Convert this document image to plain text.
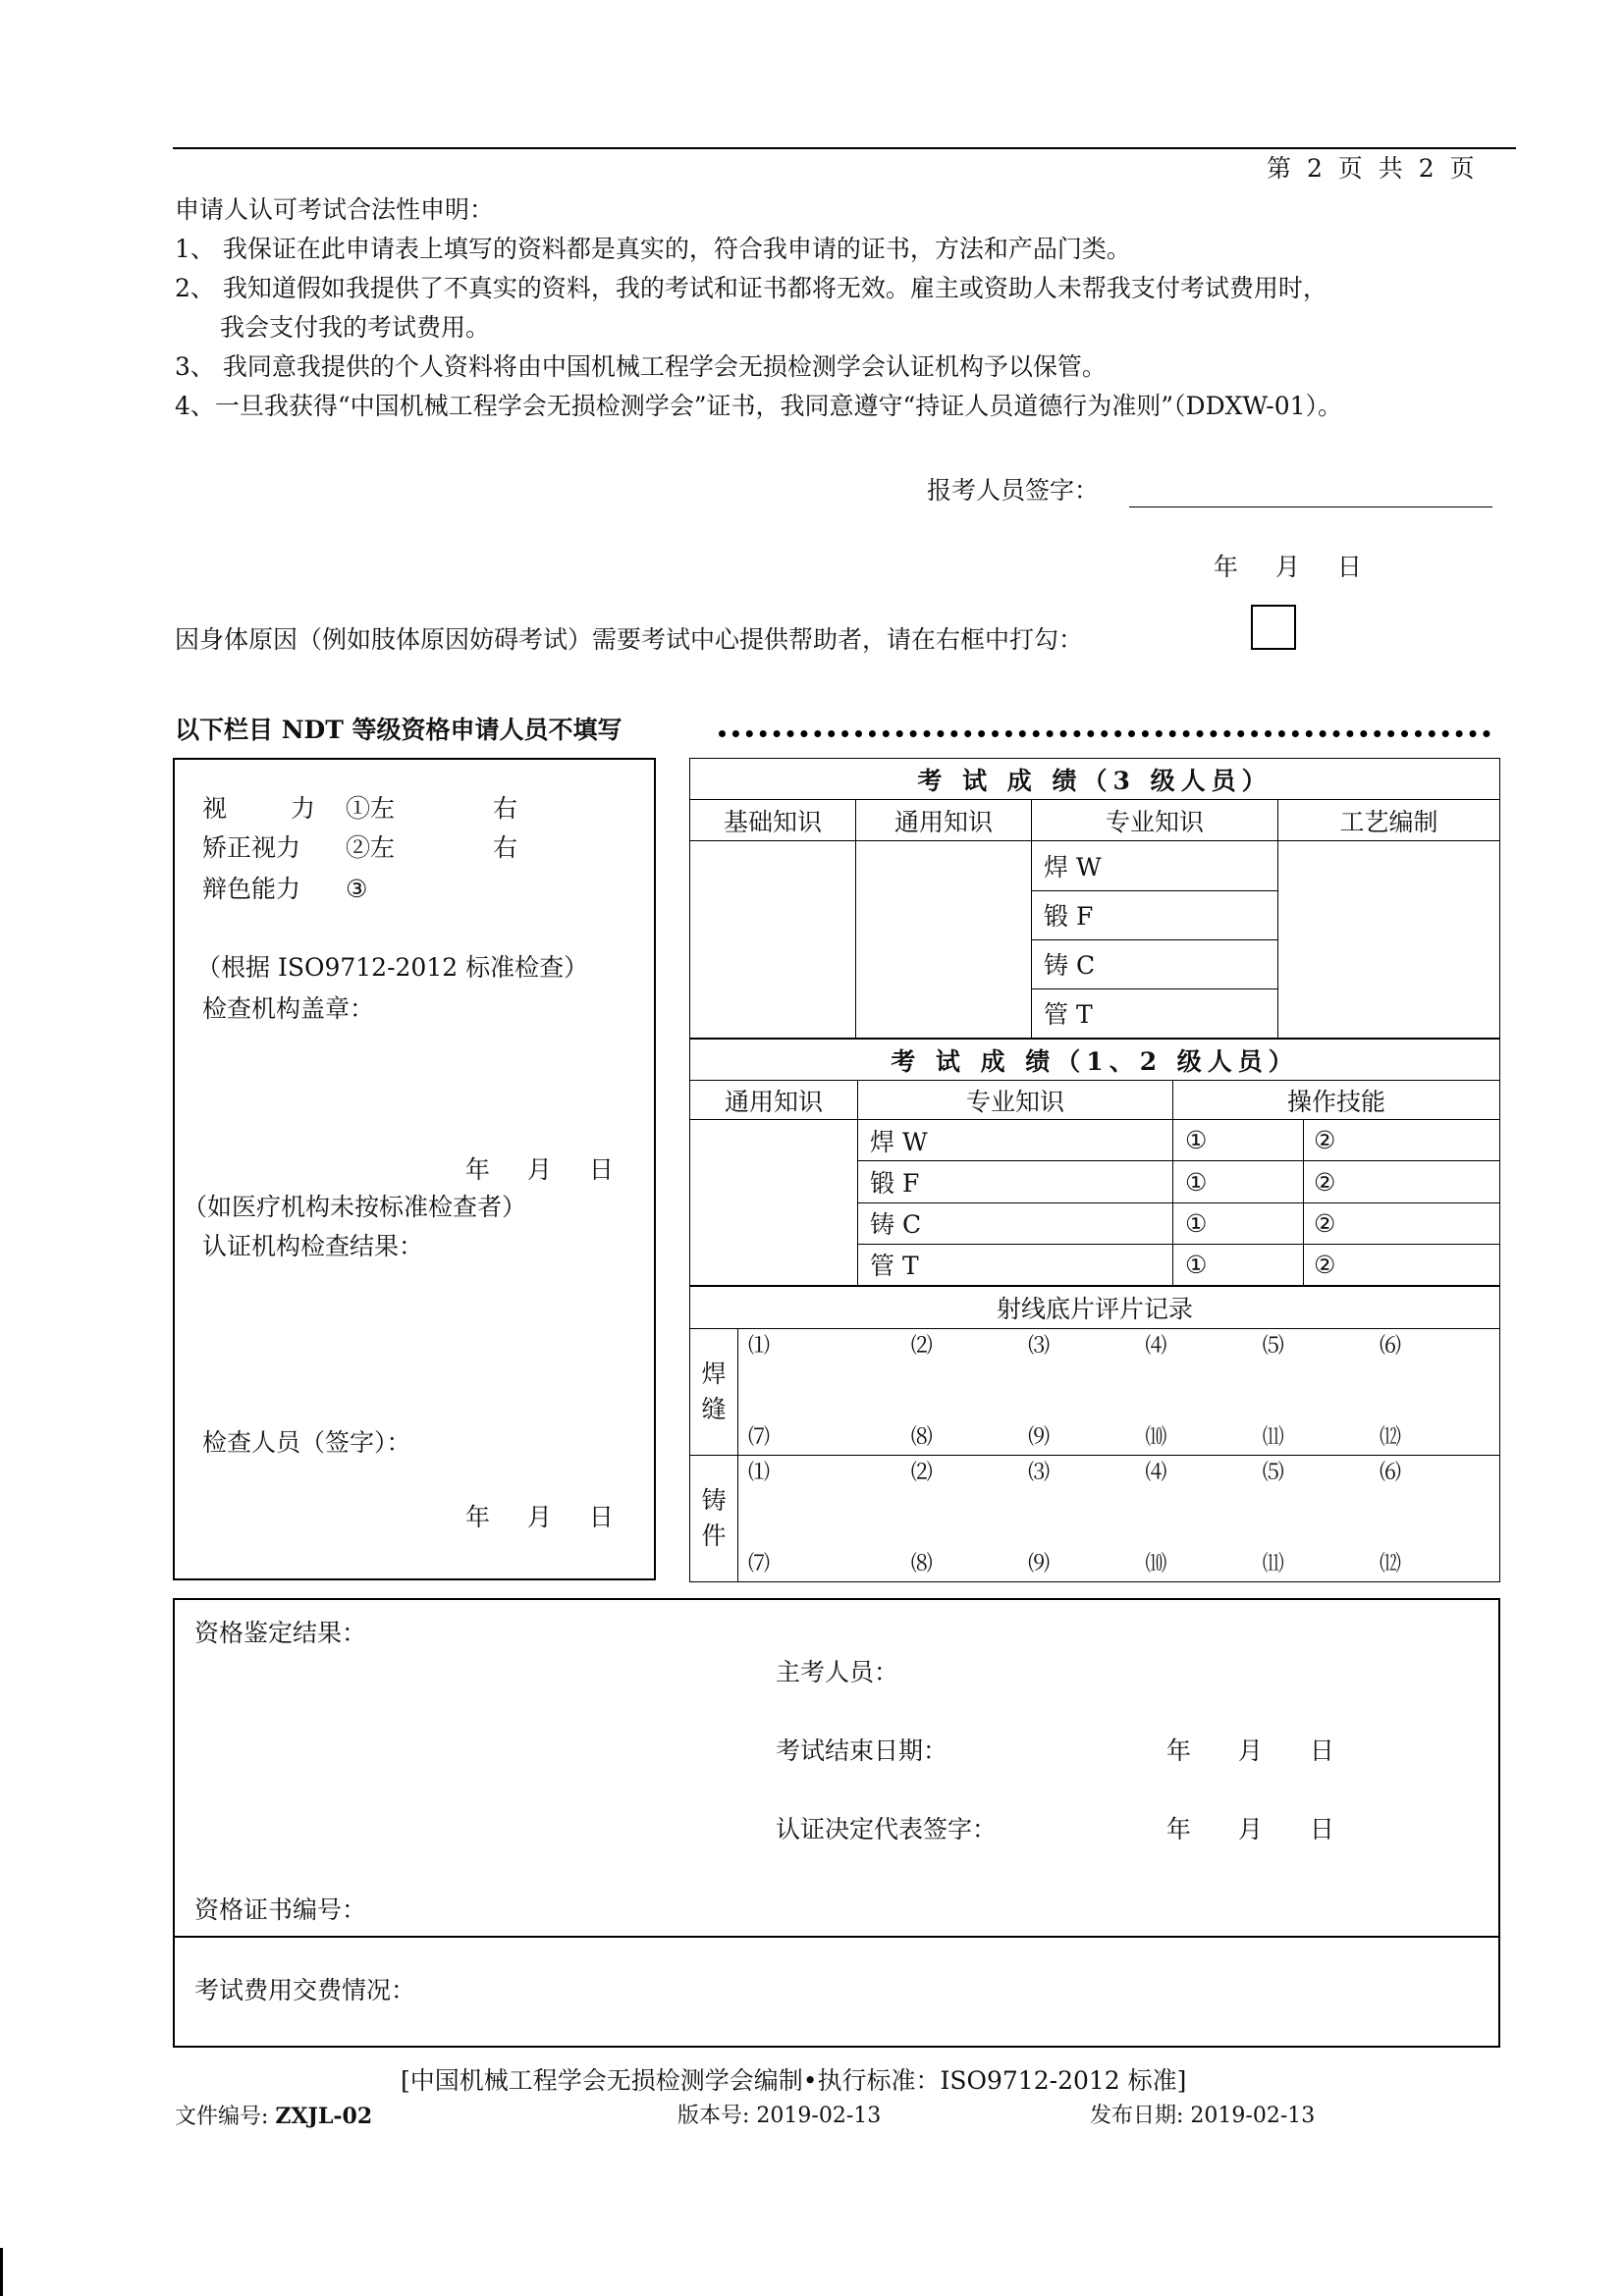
第 2 页 共 2 页
申请人认可考试合法性申明：
1、 我保证在此申请表上填写的资料都是真实的，符合我申请的证书，方法和产品门类。
2、 我知道假如我提供了不真实的资料，我的考试和证书都将无效。雇主或资助人未帮我支付考试费用时，
我会支付我的考试费用。
3、 我同意我提供的个人资料将由中国机械工程学会无损检测学会认证机构予以保管。
4、一旦我获得“中国机械工程学会无损检测学会”证书，我同意遵守“持证人员道德行为准则”（DDXW-01）。
报考人员签字：
年 月 日
因身体原因（例如肢体原因妨碍考试）需要考试中心提供帮助者，请在右框中打勾：
以下栏目 NDT 等级资格申请人员不填写
视	力 ①左	右
矫正视力 ②左	右
辩色能力 ③
（根据 ISO9712-2012 标准检查）
检查机构盖章：
年 月 日
（如医疗机构未按标准检查者）
认证机构检查结果：
检查人员（签字）：
年 月 日
考 试 成 绩（3 级人员）
基础知识	通用知识	专业知识	工艺编制

焊 W
锻 F
铸 C
管 T

考 试 成 绩（1、2 级人员）			
通用知识	专业知识	操作技能	
	焊 W	①	②
	锻 F	①	②
	铸 C	①	②
	管 T	①	②
射线底片评片记录						

焊缝	⑴	⑵	⑶	⑷	⑸	⑹
	⑺	⑻	⑼	⑽	⑾	⑿

铸件	⑴	⑵	⑶	⑷	⑸	⑹
	⑺	⑻	⑼	⑽	⑾	⑿
资格鉴定结果：
主考人员：
考试结束日期：	年 月 日
认证决定代表签字：	年 月 日
资格证书编号：
考试费用交费情况：
[中国机械工程学会无损检测学会编制•执行标准：ISO9712-2012 标准]
文件编号: ZXJL-02	版本号: 2019-02-13	发布日期: 2019-02-13
